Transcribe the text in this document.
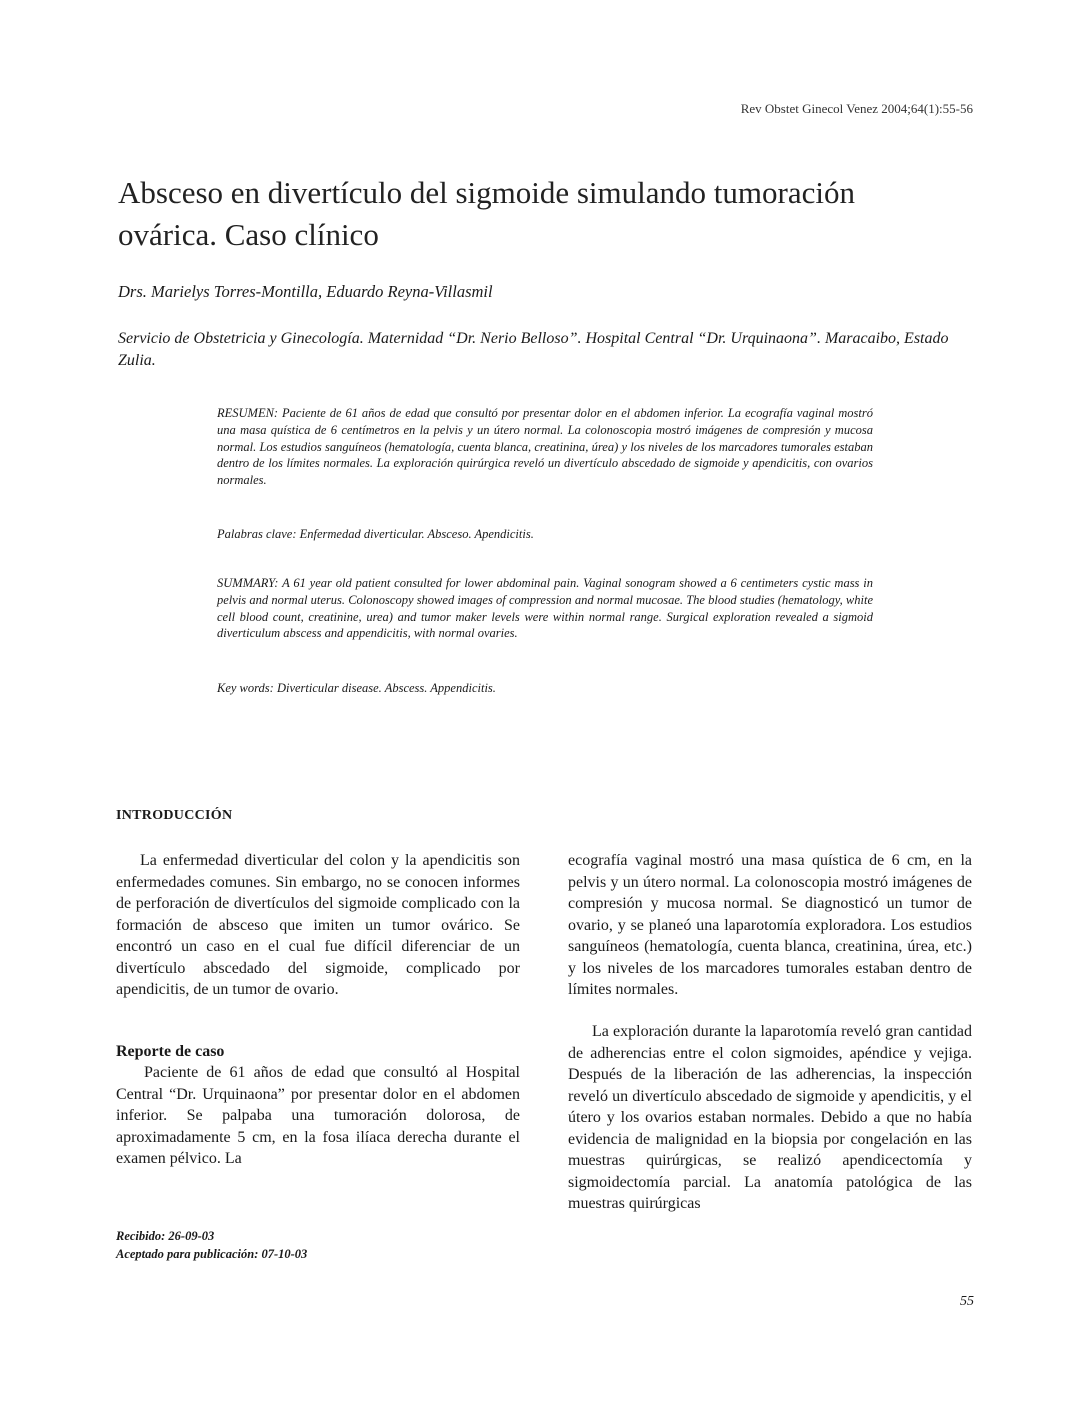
Rev Obstet Ginecol Venez 2004;64(1):55-56
Absceso en divertículo del sigmoide simulando tumoración ovárica. Caso clínico
Drs. Marielys Torres-Montilla, Eduardo Reyna-Villasmil
Servicio de Obstetricia y Ginecología. Maternidad “Dr. Nerio Belloso”. Hospital Central “Dr. Urquinaona”. Maracaibo, Estado Zulia.

RESUMEN: Paciente de 61 años de edad que consultó por presentar dolor en el abdomen inferior. La ecografía vaginal mostró una masa quística de 6 centímetros en la pelvis y un útero normal. La colonoscopia mostró imágenes de compresión y mucosa normal. Los estudios sanguíneos (hematología, cuenta blanca, creatinina, úrea) y los niveles de los marcadores tumorales estaban dentro de los límites normales. La exploración quirúrgica reveló un divertículo abscedado de sigmoide y apendicitis, con ovarios normales.

Palabras clave: Enfermedad diverticular. Absceso. Apendicitis.

SUMMARY: A 61 year old patient consulted for lower abdominal pain. Vaginal sonogram showed a 6 centimeters cystic mass in pelvis and normal uterus. Colonoscopy showed images of compression and normal mucosae. The blood studies (hematology, white cell blood count, creatinine, urea) and tumor maker levels were within normal range. Surgical exploration revealed a sigmoid diverticulum abscess and appendicitis, with normal ovaries.

Key words: Diverticular disease. Abscess. Appendicitis.

INTRODUCCIÓN
La enfermedad diverticular del colon y la apendicitis son enfermedades comunes. Sin embargo, no se conocen informes de perforación de divertículos del sigmoide complicado con la formación de absceso que imiten un tumor ovárico. Se encontró un caso en el cual fue difícil diferenciar de un divertículo abscedado del sigmoide, complicado por apendicitis, de un tumor de ovario.
Reporte de caso
Paciente de 61 años de edad que consultó al Hospital Central “Dr. Urquinaona” por presentar dolor en el abdomen inferior. Se palpaba una tumoración dolorosa, de aproximadamente 5 cm, en la fosa ilíaca derecha durante el examen pélvico. La
ecografía vaginal mostró una masa quística de 6 cm, en la pelvis y un útero normal. La colonoscopia mostró imágenes de compresión y mucosa normal. Se diagnosticó un tumor de ovario, y se planeó una laparotomía exploradora. Los estudios sanguíneos (hematología, cuenta blanca, creatinina, úrea, etc.) y los niveles de los marcadores tumorales estaban dentro de límites normales.
La exploración durante la laparotomía reveló gran cantidad de adherencias entre el colon sigmoides, apéndice y vejiga. Después de la liberación de las adherencias, la inspección reveló un divertículo abscedado de sigmoide y apendicitis, y el útero y los ovarios estaban normales. Debido a que no había evidencia de malignidad en la biopsia por congelación en las muestras quirúrgicas, se realizó apendicectomía y sigmoidectomía parcial. La anatomía patológica de las muestras quirúrgicas
Recibido: 26-09-03
Aceptado para publicación: 07-10-03
55
